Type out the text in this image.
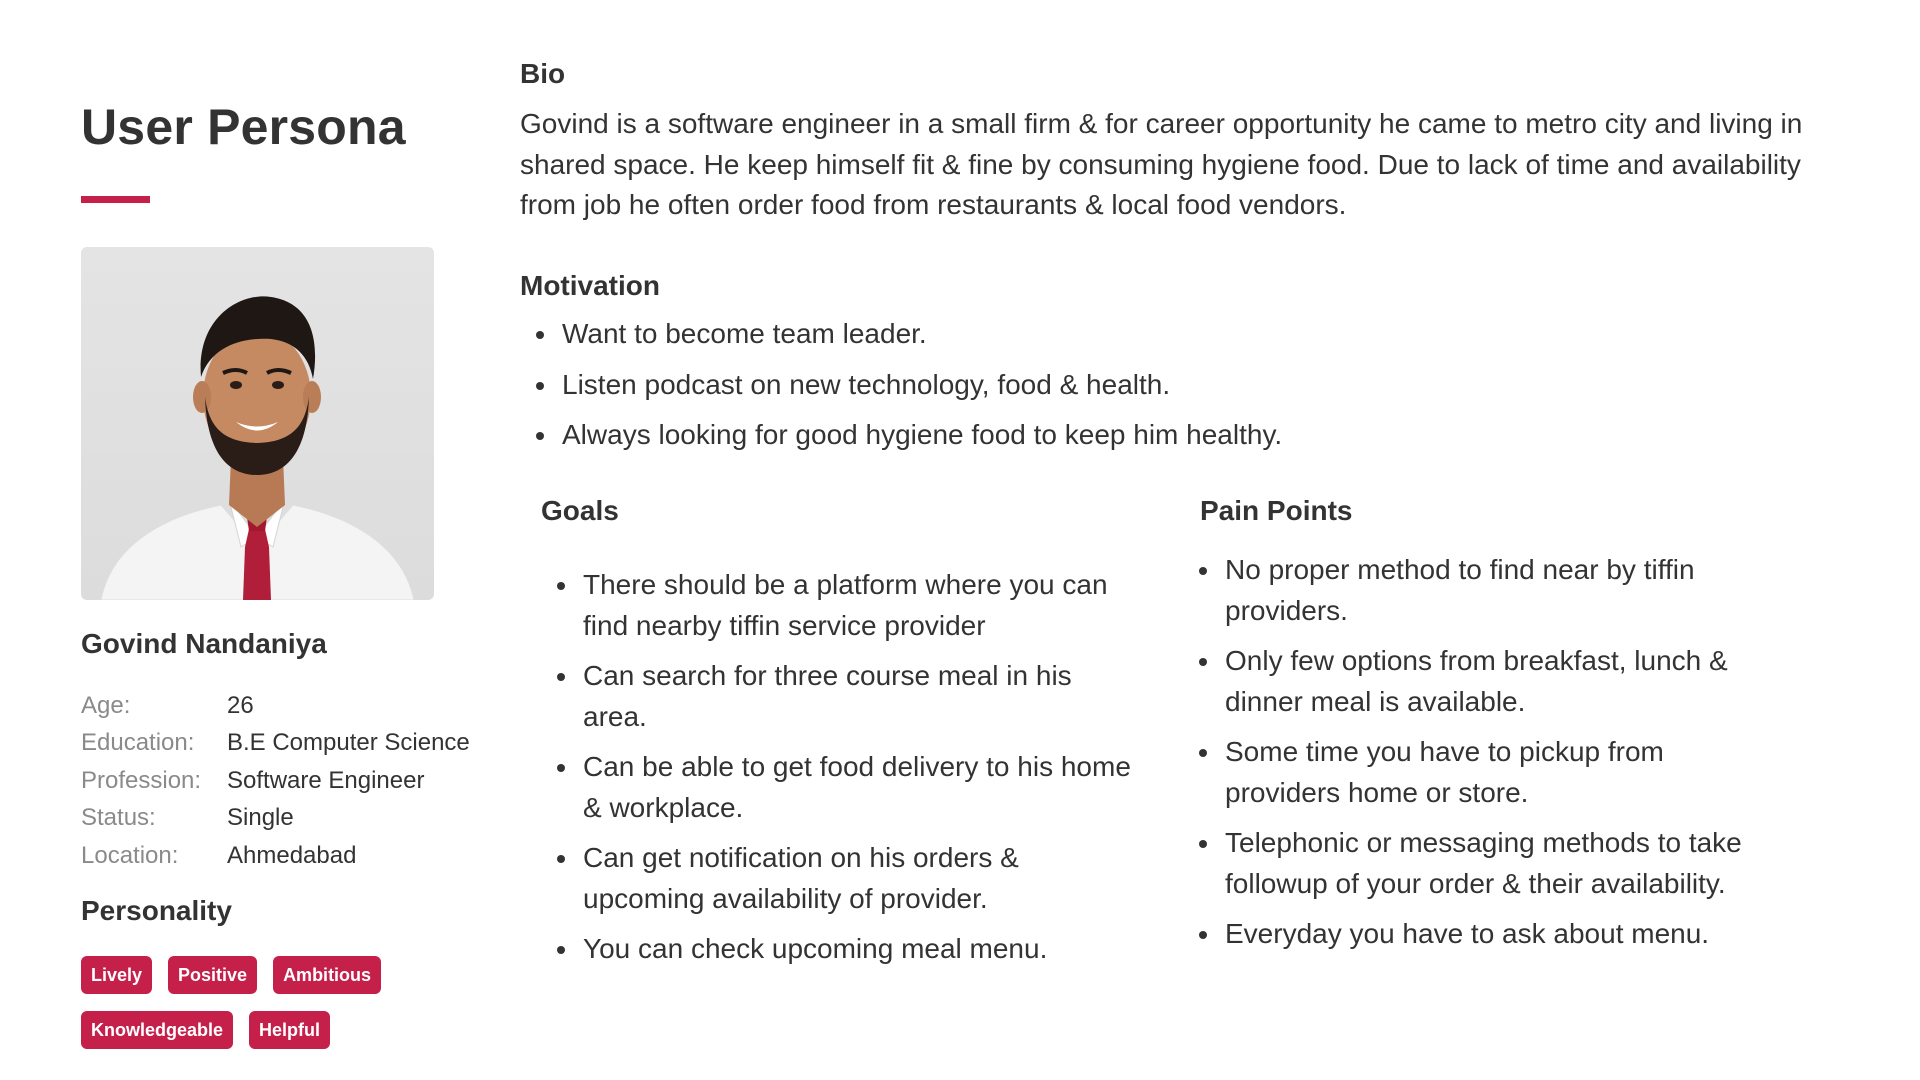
User Persona
Govind Nandaniya
Age:	26
Education:	B.E Computer Science
Profession:	Software Engineer
Status:	Single
Location:	Ahmedabad
Personality
Lively	Positive	Ambitious
Knowledgeable	Helpful
Bio

Govind is a software engineer in a small firm & for career opportunity he came to metro city and living in shared space. He keep himself fit & fine by consuming hygiene food. Due to lack of time and availability from job he often order food from restaurants & local food vendors.

Motivation
Want to become team leader.
Listen podcast on new technology, food & health.
Always looking for good hygiene food to keep him healthy.
Goals
There should be a platform where you can find nearby tiffin service provider
Can search for three course meal in his area.
Can be able to get food delivery to his home & workplace.
Can get notification on his orders & upcoming availability of provider.
You can check upcoming meal menu.
Pain Points
No proper method to find near by tiffin providers.
Only few options from breakfast, lunch & dinner meal is available.
Some time you have to pickup from providers home or store.
Telephonic or messaging methods to take followup of your order & their availability.
Everyday you have to ask about menu.
